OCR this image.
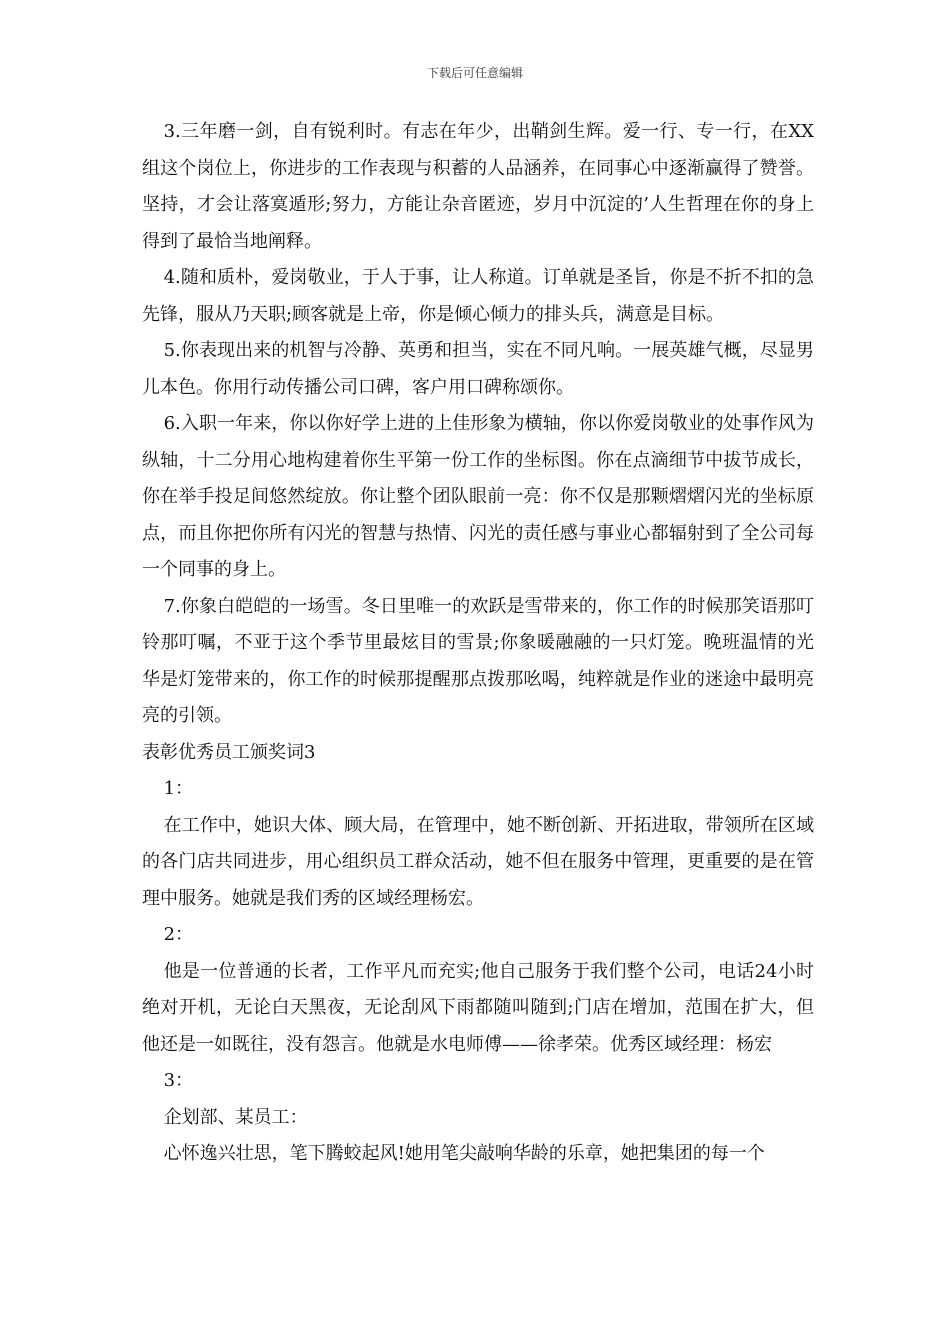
下载后可任意编辑

3.三年磨一剑，自有锐利时。有志在年少，出鞘剑生辉。爱一行、专一行，在XX组这个岗位上，你进步的工作表现与积蓄的人品涵养，在同事心中逐渐赢得了赞誉。坚持，才会让落寞遁形;努力，方能让杂音匿迹，岁月中沉淀的’人生哲理在你的身上得到了最恰当地阐释。

4.随和质朴，爱岗敬业，于人于事，让人称道。订单就是圣旨，你是不折不扣的急先锋，服从乃天职;顾客就是上帝，你是倾心倾力的排头兵，满意是目标。

5.你表现出来的机智与冷静、英勇和担当，实在不同凡响。一展英雄气概，尽显男儿本色。你用行动传播公司口碑，客户用口碑称颂你。

6.入职一年来，你以你好学上进的上佳形象为横轴，你以你爱岗敬业的处事作风为纵轴，十二分用心地构建着你生平第一份工作的坐标图。你在点滴细节中拔节成长，你在举手投足间悠然绽放。你让整个团队眼前一亮：你不仅是那颗熠熠闪光的坐标原点，而且你把你所有闪光的智慧与热情、闪光的责任感与事业心都辐射到了全公司每一个同事的身上。

7.你象白皑皑的一场雪。冬日里唯一的欢跃是雪带来的，你工作的时候那笑语那叮铃那叮嘱，不亚于这个季节里最炫目的雪景;你象暖融融的一只灯笼。晚班温情的光华是灯笼带来的，你工作的时候那提醒那点拨那吆喝，纯粹就是作业的迷途中最明亮亮的引领。

表彰优秀员工颁奖词3

1：

在工作中，她识大体、顾大局，在管理中，她不断创新、开拓进取，带领所在区域的各门店共同进步，用心组织员工群众活动，她不但在服务中管理，更重要的是在管理中服务。她就是我们秀的区域经理杨宏。

2：

他是一位普通的长者，工作平凡而充实;他自己服务于我们整个公司，电话24小时绝对开机，无论白天黑夜，无论刮风下雨都随叫随到;门店在增加，范围在扩大，但他还是一如既往，没有怨言。他就是水电师傅——徐孝荣。优秀区域经理：杨宏

3：

企划部、某员工：

心怀逸兴壮思，笔下腾蛟起风!她用笔尖敲响华龄的乐章，她把集团的每一个
